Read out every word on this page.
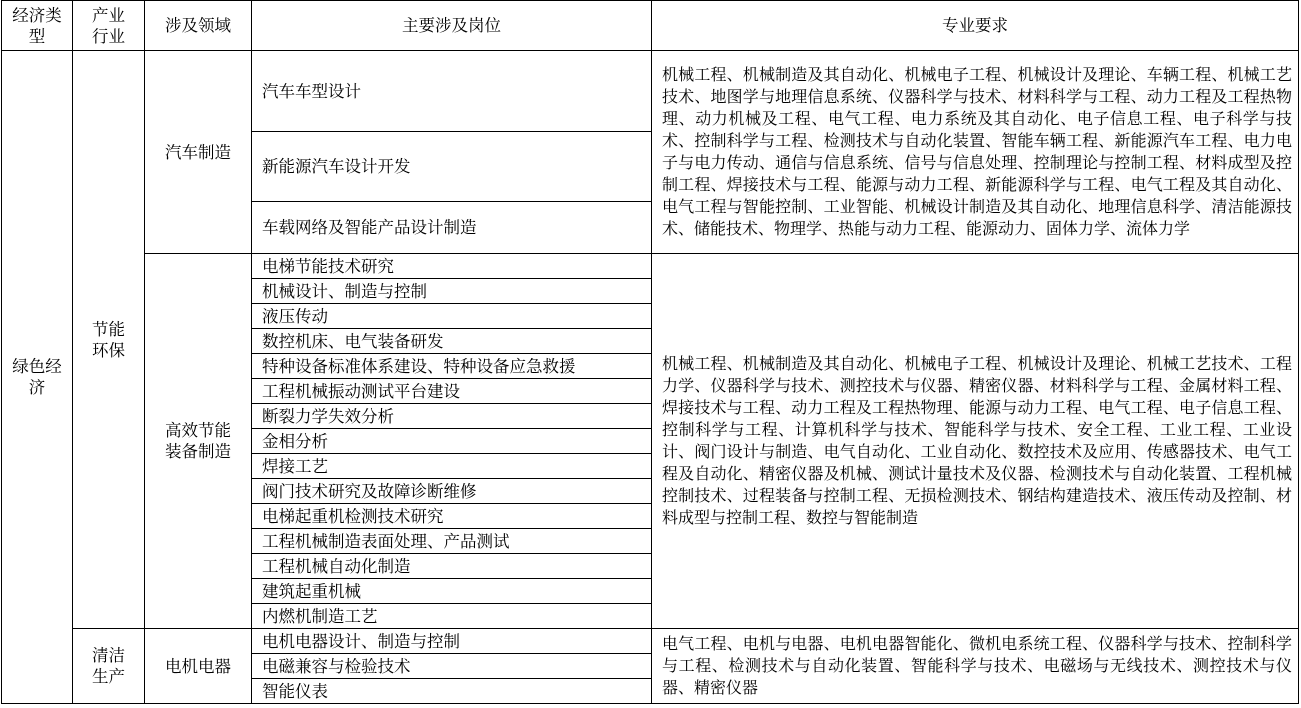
经济类型	产业行业	涉及领域	主要涉及岗位	专业要求
绿色经济	节能环保	汽车制造	汽车车型设计	机械工程、机械制造及其自动化、机械电子工程、机械设计及理论、车辆工程、机械工艺技术、地图学与地理信息系统、仪器科学与技术、材料科学与工程、动力工程及工程热物理、动力机械及工程、电气工程、电力系统及其自动化、电子信息工程、电子科学与技术、控制科学与工程、检测技术与自动化装置、智能车辆工程、新能源汽车工程、电力电子与电力传动、通信与信息系统、信号与信息处理、控制理论与控制工程、材料成型及控制工程、焊接技术与工程、能源与动力工程、新能源科学与工程、电气工程及其自动化、电气工程与智能控制、工业智能、机械设计制造及其自动化、地理信息科学、清洁能源技术、储能技术、物理学、热能与动力工程、能源动力、固体力学、流体力学
			新能源汽车设计开发	
			车载网络及智能产品设计制造	
		高效节能装备制造	电梯节能技术研究	机械工程、机械制造及其自动化、机械电子工程、机械设计及理论、机械工艺技术、工程力学、仪器科学与技术、测控技术与仪器、精密仪器、材料科学与工程、金属材料工程、焊接技术与工程、动力工程及工程热物理、能源与动力工程、电气工程、电子信息工程、控制科学与工程、计算机科学与技术、智能科学与技术、安全工程、工业工程、工业设计、阀门设计与制造、电气自动化、工业自动化、数控技术及应用、传感器技术、电气工程及自动化、精密仪器及机械、测试计量技术及仪器、检测技术与自动化装置、工程机械控制技术、过程装备与控制工程、无损检测技术、钢结构建造技术、液压传动及控制、材料成型与控制工程、数控与智能制造
			机械设计、制造与控制	
			液压传动	
			数控机床、电气装备研发	
			特种设备标准体系建设、特种设备应急救援	
			工程机械振动测试平台建设	
			断裂力学失效分析	
			金相分析	
			焊接工艺	
			阀门技术研究及故障诊断维修	
			电梯起重机检测技术研究	
			工程机械制造表面处理、产品测试	
			工程机械自动化制造	
			建筑起重机械	
			内燃机制造工艺	
	清洁生产	电机电器	电机电器设计、制造与控制	电气工程、电机与电器、电机电器智能化、微机电系统工程、仪器科学与技术、控制科学与工程、检测技术与自动化装置、智能科学与技术、电磁场与无线技术、测控技术与仪器、精密仪器
			电磁兼容与检验技术	
			智能仪表	
